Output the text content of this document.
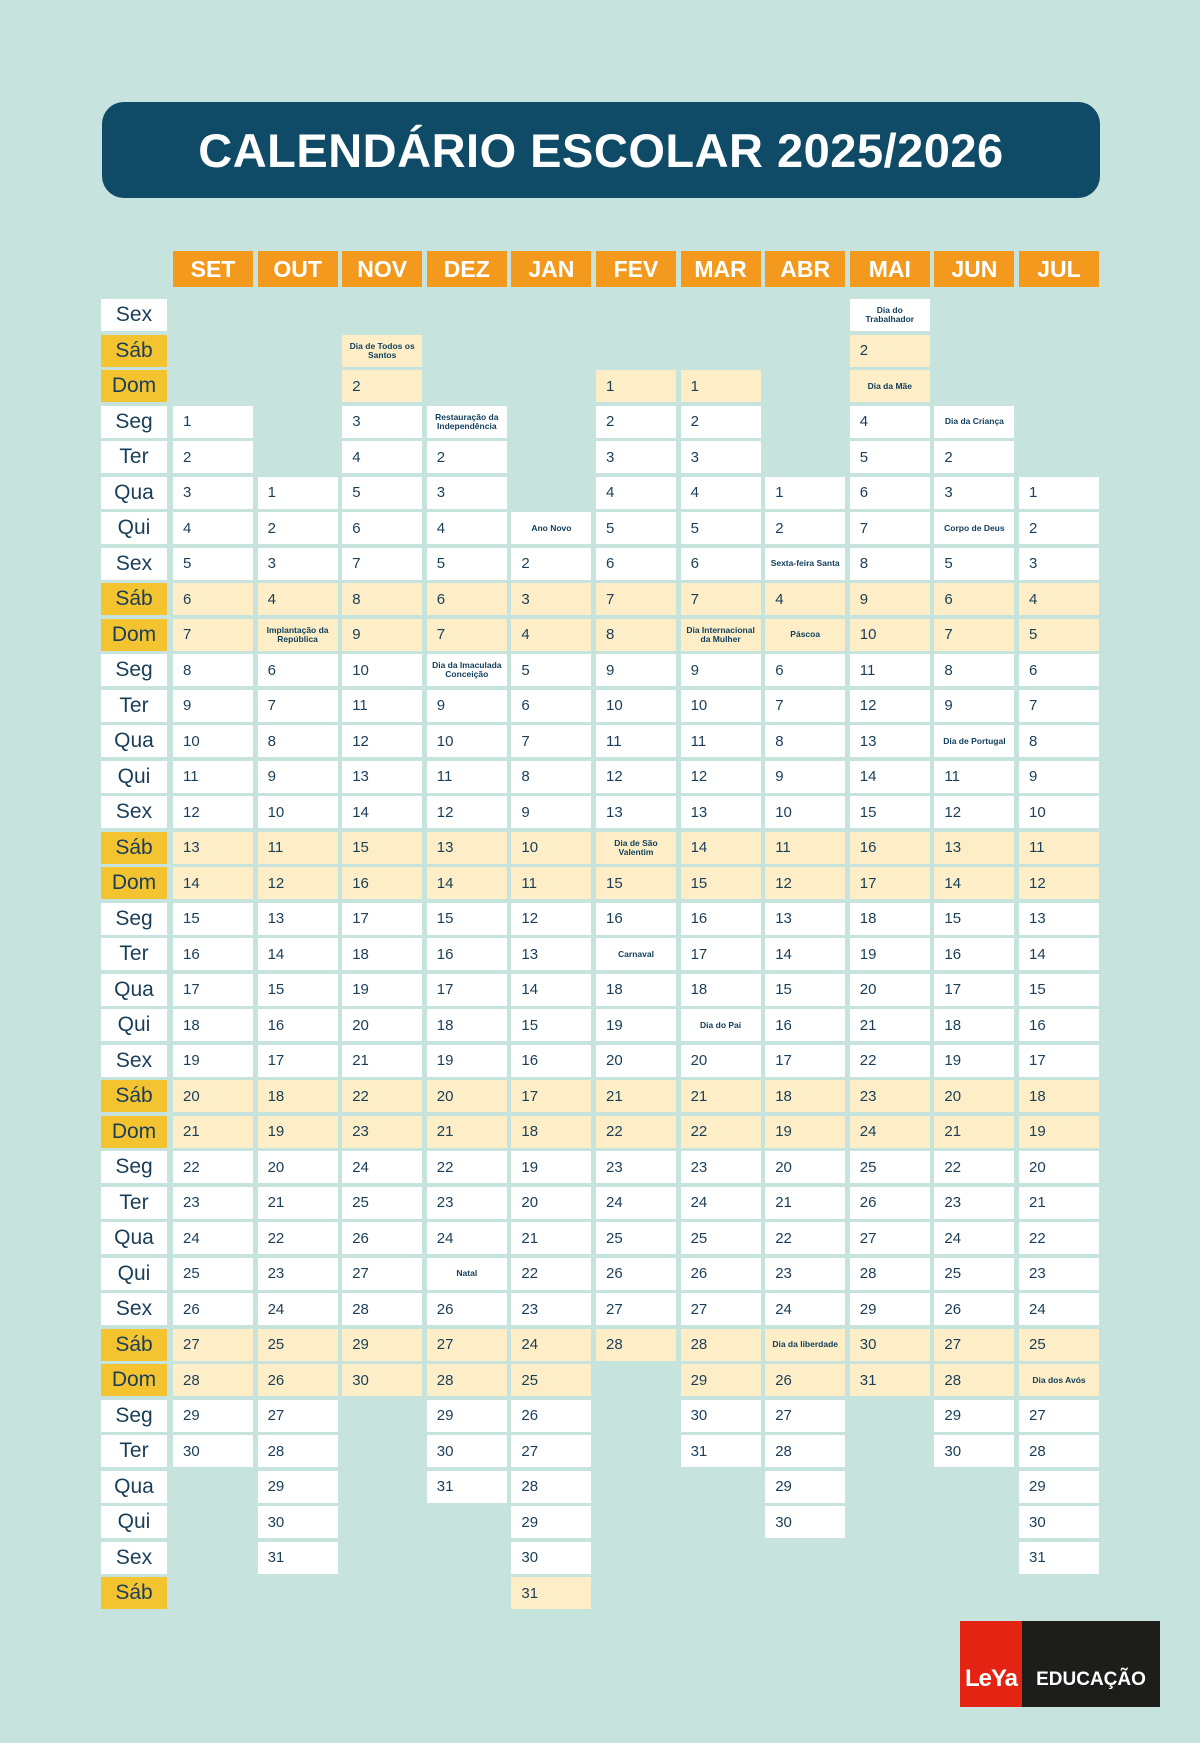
CALENDÁRIO ESCOLAR 2025/2026
Sex
Sáb
Dom
Seg
Ter
Qua
Qui
Sex
Sáb
Dom
Seg
Ter
Qua
Qui
Sex
Sáb
Dom
Seg
Ter
Qua
Qui
Sex
Sáb
Dom
Seg
Ter
Qua
Qui
Sex
Sáb
Dom
Seg
Ter
Qua
Qui
Sex
Sáb
SET
1
2
3
4
5
6
7
8
9
10
11
12
13
14
15
16
17
18
19
20
21
22
23
24
25
26
27
28
29
30
OUT
1
2
3
4
Implantação da República
6
7
8
9
10
11
12
13
14
15
16
17
18
19
20
21
22
23
24
25
26
27
28
29
30
31
NOV
Dia de Todos os Santos
2
3
4
5
6
7
8
9
10
11
12
13
14
15
16
17
18
19
20
21
22
23
24
25
26
27
28
29
30
DEZ
Restauração da Independência
2
3
4
5
6
7
Dia da Imaculada Conceição
9
10
11
12
13
14
15
16
17
18
19
20
21
22
23
24
Natal
26
27
28
29
30
31
JAN
Ano Novo
2
3
4
5
6
7
8
9
10
11
12
13
14
15
16
17
18
19
20
21
22
23
24
25
26
27
28
29
30
31
FEV
1
2
3
4
5
6
7
8
9
10
11
12
13
Dia de São Valentim
15
16
Carnaval
18
19
20
21
22
23
24
25
26
27
28
MAR
1
2
3
4
5
6
7
Dia Internacional da Mulher
9
10
11
12
13
14
15
16
17
18
Dia do Pai
20
21
22
23
24
25
26
27
28
29
30
31
ABR
1
2
Sexta-feira Santa
4
Páscoa
6
7
8
9
10
11
12
13
14
15
16
17
18
19
20
21
22
23
24
Dia da liberdade
26
27
28
29
30
MAI
Dia do Trabalhador
2
Dia da Mãe
4
5
6
7
8
9
10
11
12
13
14
15
16
17
18
19
20
21
22
23
24
25
26
27
28
29
30
31
JUN
Dia da Criança
2
3
Corpo de Deus
5
6
7
8
9
Dia de Portugal
11
12
13
14
15
16
17
18
19
20
21
22
23
24
25
26
27
28
29
30
JUL
1
2
3
4
5
6
7
8
9
10
11
12
13
14
15
16
17
18
19
20
21
22
23
24
25
Dia dos Avós
27
28
29
30
31
LeYa	EDUCAÇÃO
